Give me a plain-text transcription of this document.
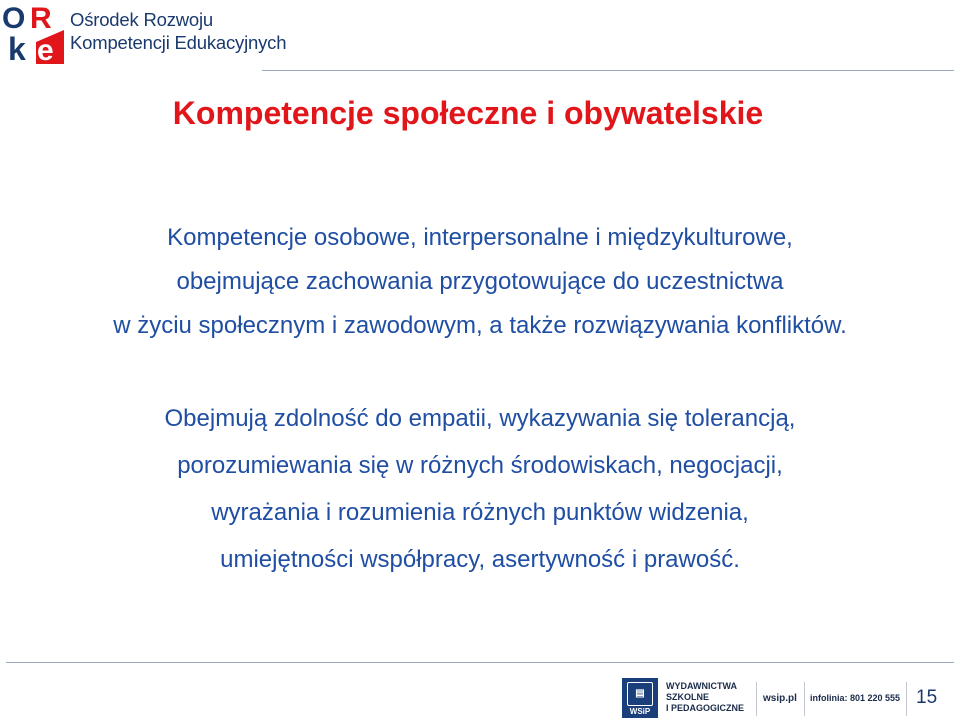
O R
k e
Ośrodek Rozwoju
Kompetencji Edukacyjnych
Kompetencje społeczne i obywatelskie
Kompetencje osobowe, interpersonalne i międzykulturowe,
obejmujące zachowania przygotowujące do uczestnictwa
w życiu społecznym i zawodowym, a także rozwiązywania konfliktów.
Obejmują zdolność do empatii, wykazywania się tolerancją,
porozumiewania się w różnych środowiskach, negocjacji,
wyrażania i rozumienia różnych punktów widzenia,
umiejętności współpracy, asertywność i prawość.
▤
WSiP
WYDAWNICTWA
SZKOLNE
I PEDAGOGICZNE
wsip.pl infolinia: 801 220 555 15
